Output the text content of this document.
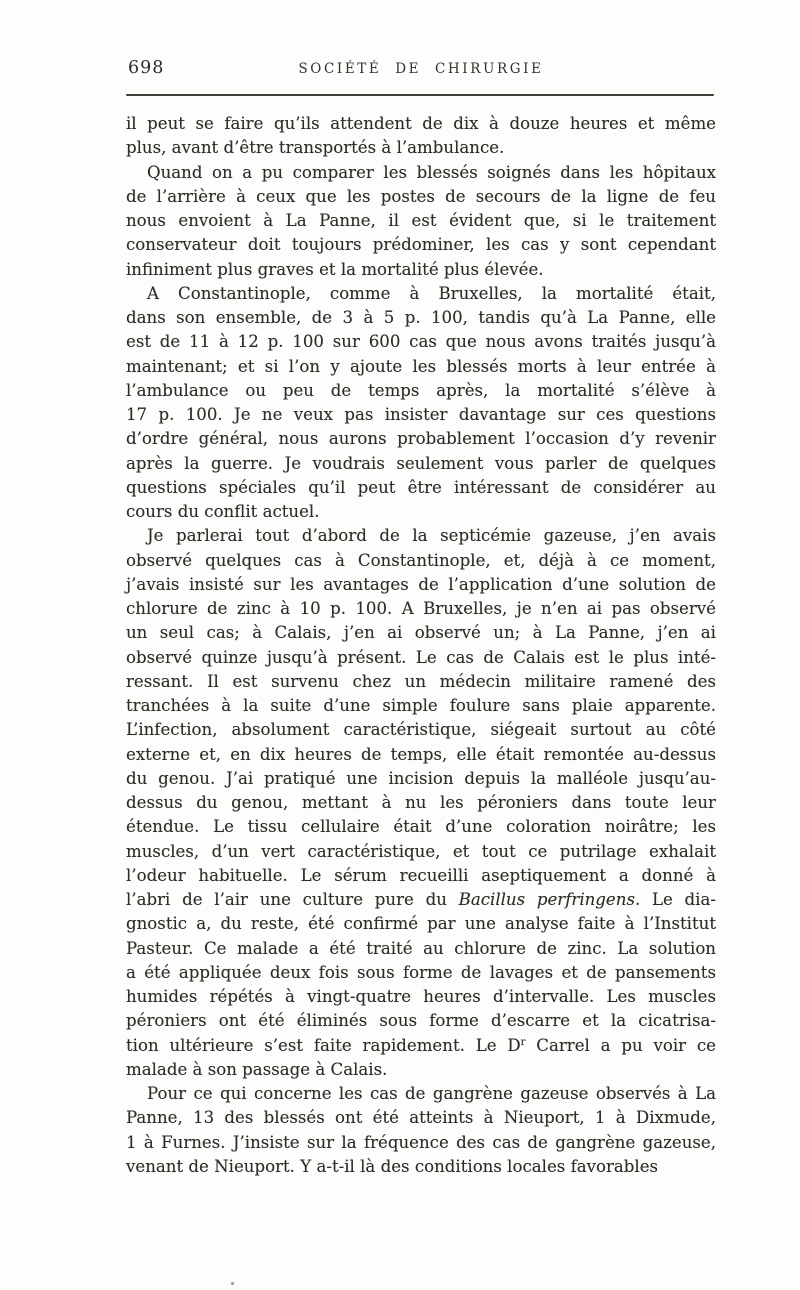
698	SOCIÉTÉ DE CHIRURGIE
il peut se faire qu’ils attendent de dix à douze heures et même
plus, avant d’être transportés à l’ambulance.
Quand on a pu comparer les blessés soignés dans les hôpitaux
de l’arrière à ceux que les postes de secours de la ligne de feu
nous envoient à La Panne, il est évident que, si le traitement
conservateur doit toujours prédominer, les cas y sont cependant
infiniment plus graves et la mortalité plus élevée.
A Constantinople, comme à Bruxelles, la mortalité était,
dans son ensemble, de 3 à 5 p. 100, tandis qu’à La Panne, elle
est de 11 à 12 p. 100 sur 600 cas que nous avons traités jusqu’à
maintenant; et si l’on y ajoute les blessés morts à leur entrée à
l’ambulance ou peu de temps après, la mortalité s’élève à
17 p. 100. Je ne veux pas insister davantage sur ces questions
d’ordre général, nous aurons probablement l’occasion d’y revenir
après la guerre. Je voudrais seulement vous parler de quelques
questions spéciales qu’il peut être intéressant de considérer au
cours du conflit actuel.
Je parlerai tout d’abord de la septicémie gazeuse, j’en avais
observé quelques cas à Constantinople, et, déjà à ce moment,
j’avais insisté sur les avantages de l’application d’une solution de
chlorure de zinc à 10 p. 100. A Bruxelles, je n’en ai pas observé
un seul cas; à Calais, j’en ai observé un; à La Panne, j’en ai
observé quinze jusqu’à présent. Le cas de Calais est le plus inté-
ressant. Il est survenu chez un médecin militaire ramené des
tranchées à la suite d’une simple foulure sans plaie apparente.
L’infection, absolument caractéristique, siégeait surtout au côté
externe et, en dix heures de temps, elle était remontée au-dessus
du genou. J’ai pratiqué une incision depuis la malléole jusqu’au-
dessus du genou, mettant à nu les péroniers dans toute leur
étendue. Le tissu cellulaire était d’une coloration noirâtre; les
muscles, d’un vert caractéristique, et tout ce putrilage exhalait
l’odeur habituelle. Le sérum recueilli aseptiquement a donné à
l’abri de l’air une culture pure du Bacillus perfringens. Le dia-
gnostic a, du reste, été confirmé par une analyse faite à l’Institut
Pasteur. Ce malade a été traité au chlorure de zinc. La solution
a été appliquée deux fois sous forme de lavages et de pansements
humides répétés à vingt-quatre heures d’intervalle. Les muscles
péroniers ont été éliminés sous forme d’escarre et la cicatrisa-
tion ultérieure s’est faite rapidement. Le $D^r$ Carrel a pu voir ce
malade à son passage à Calais.
Pour ce qui concerne les cas de gangrène gazeuse observés à La
Panne, 13 des blessés ont été atteints à Nieuport, 1 à Dixmude,
1 à Furnes. J’insiste sur la fréquence des cas de gangrène gazeuse,
venant de Nieuport. Y a-t-il là des conditions locales favorables
